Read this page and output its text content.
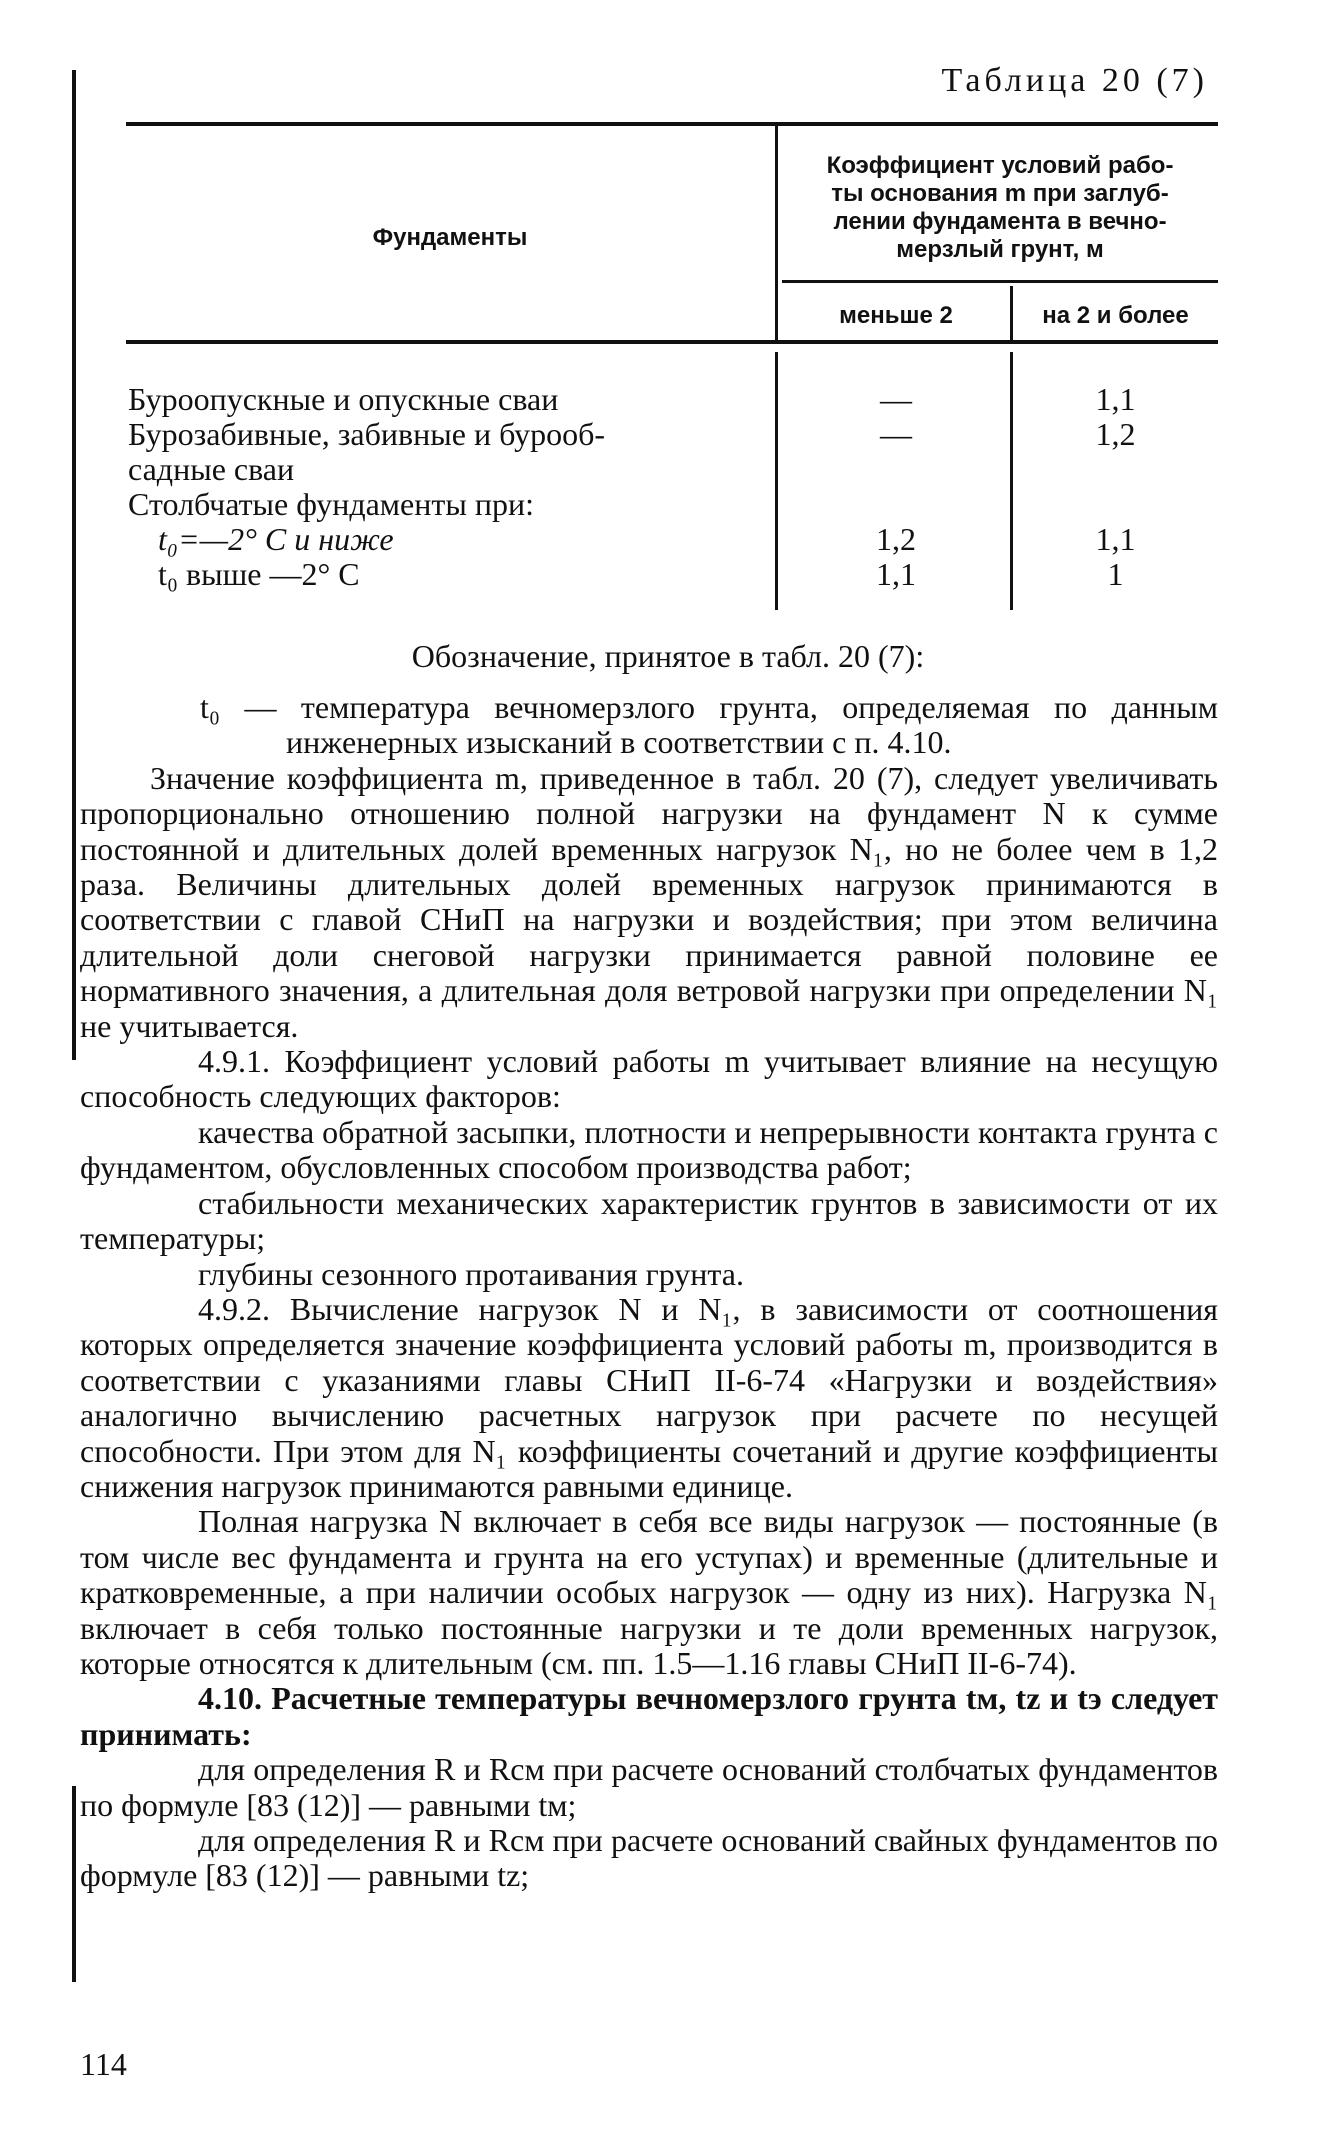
Таблица 20 (7)
Фундаменты
Коэффициент условий рабо-
ты основания m при заглуб-
лении фундамента в вечно-
мерзлый грунт, м
меньше 2	на 2 и более
Буроопускные и опускные сваи	—	1,1
Бурозабивные, забивные и бурооб-	—	1,2
садные сваи
Столбчатые фундаменты при:
t₀=—2° С и ниже	1,2	1,1
t₀ выше —2° С	1,1	1
Обозначение, принятое в табл. 20 (7):

t₀ — температура вечномерзлого грунта, определяемая по данным инженерных изысканий в соответствии с п. 4.10.

Значение коэффициента m, приведенное в табл. 20 (7), следует увеличивать пропорционально отношению полной нагрузки на фундамент N к сумме постоянной и длительных долей временных нагрузок N₁, но не более чем в 1,2 раза. Величины длительных долей временных нагрузок принимаются в соответствии с главой СНиП на нагрузки и воздействия; при этом величина длительной доли снеговой нагрузки принимается равной половине ее нормативного значения, а длительная доля ветровой нагрузки при определении N₁ не учитывается.

4.9.1. Коэффициент условий работы m учитывает влияние на несущую способность следующих факторов:

качества обратной засыпки, плотности и непрерывности контакта грунта с фундаментом, обусловленных способом производства работ;

стабильности механических характеристик грунтов в зависимости от их температуры;

глубины сезонного протаивания грунта.

4.9.2. Вычисление нагрузок N и N₁, в зависимости от соотношения которых определяется значение коэффициента условий работы m, производится в соответствии с указаниями главы СНиП II-6-74 «Нагрузки и воздействия» аналогично вычислению расчетных нагрузок при расчете по несущей способности. При этом для N₁ коэффициенты сочетаний и другие коэффициенты снижения нагрузок принимаются равными единице.

Полная нагрузка N включает в себя все виды нагрузок — постоянные (в том числе вес фундамента и грунта на его уступах) и временные (длительные и кратковременные, а при наличии особых нагрузок — одну из них). Нагрузка N₁ включает в себя только постоянные нагрузки и те доли временных нагрузок, которые относятся к длительным (см. пп. 1.5—1.16 главы СНиП II-6-74).

4.10. Расчетные температуры вечномерзлого грунта tм, tz и tэ следует принимать:

для определения R и Rсм при расчете оснований столбчатых фундаментов по формуле [83 (12)] — равными tм;

для определения R и Rсм при расчете оснований свайных фундаментов по формуле [83 (12)] — равными tz;

114
